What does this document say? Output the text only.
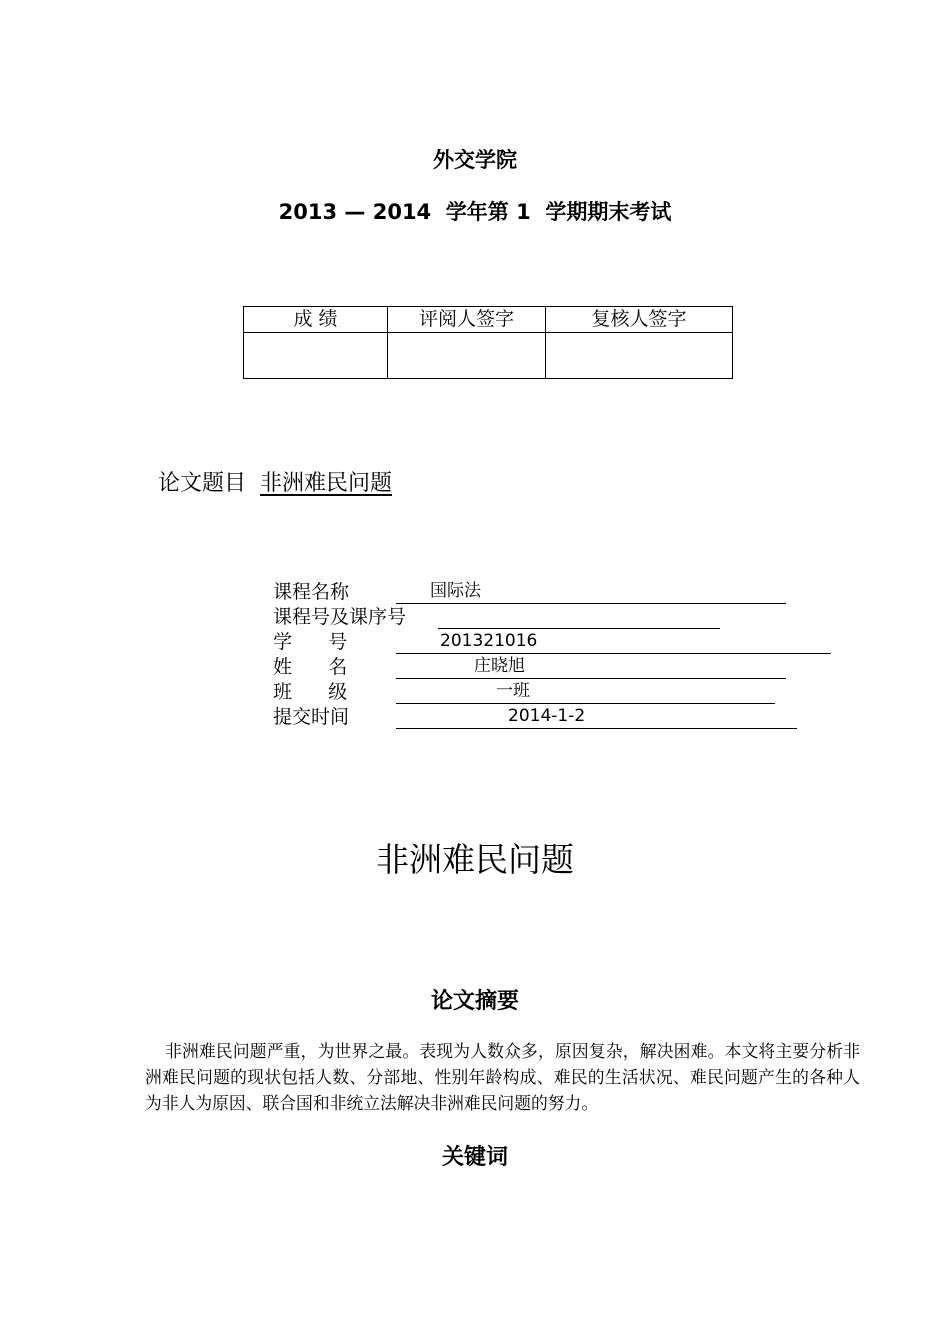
外交学院
2013 — 2014  学年第 1  学期期末考试
成 绩	评阅人签字	复核人签字

论文题目 非洲难民问题
课程名称	国际法
课程号及课序号
学      号	201321016
姓      名	庄晓旭
班      级	一班
提交时间	2014-1-2
非洲难民问题
论文摘要
非洲难民问题严重，为世界之最。表现为人数众多，原因复杂，解决困难。本文将主要分析非洲难民问题的现状包括人数、分部地、性别年龄构成、难民的生活状况、难民问题产生的各种人为非人为原因、联合国和非统立法解决非洲难民问题的努力。
关键词
